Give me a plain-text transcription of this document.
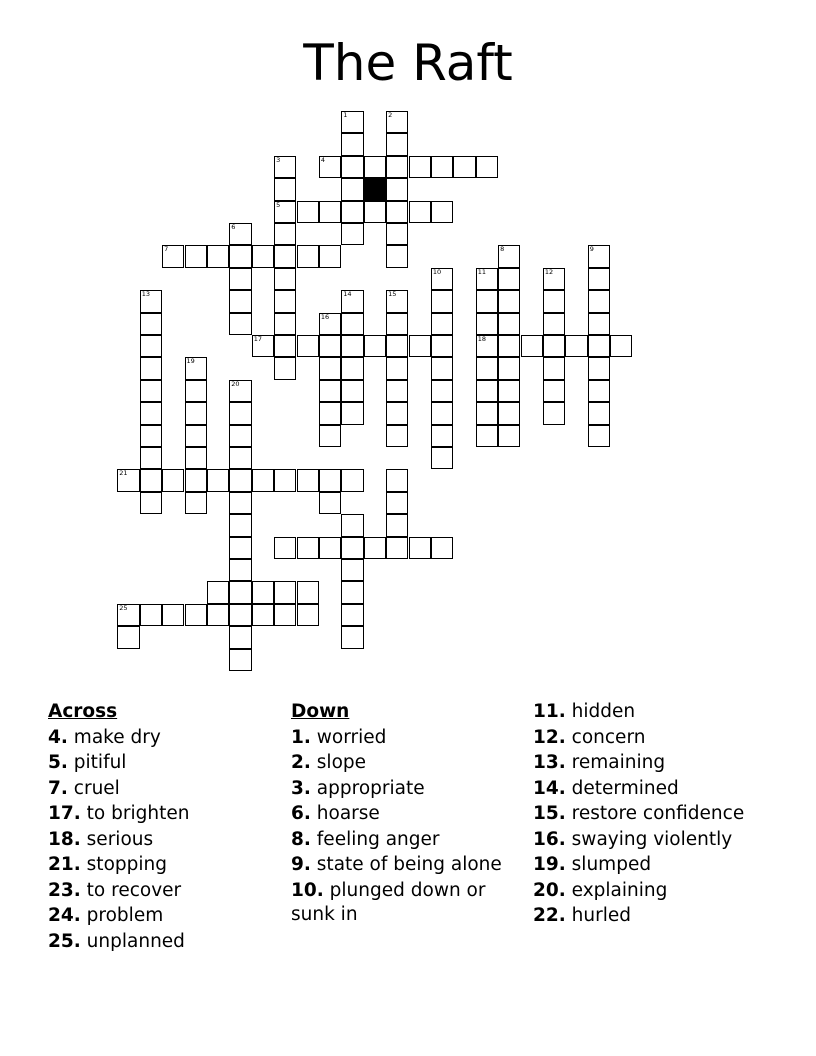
The Raft
1	2
3	4
5
6
7	8	9
10	11	12
13	14	15
16
17	18
19
20
21
25
Across
4. make dry
5. pitiful
7. cruel
17. to brighten
18. serious
21. stopping
23. to recover
24. problem
25. unplanned
Down
1. worried
2. slope
3. appropriate
6. hoarse
8. feeling anger
9. state of being alone
10. plunged down or sunk in
11. hidden
12. concern
13. remaining
14. determined
15. restore confidence
16. swaying violently
19. slumped
20. explaining
22. hurled
